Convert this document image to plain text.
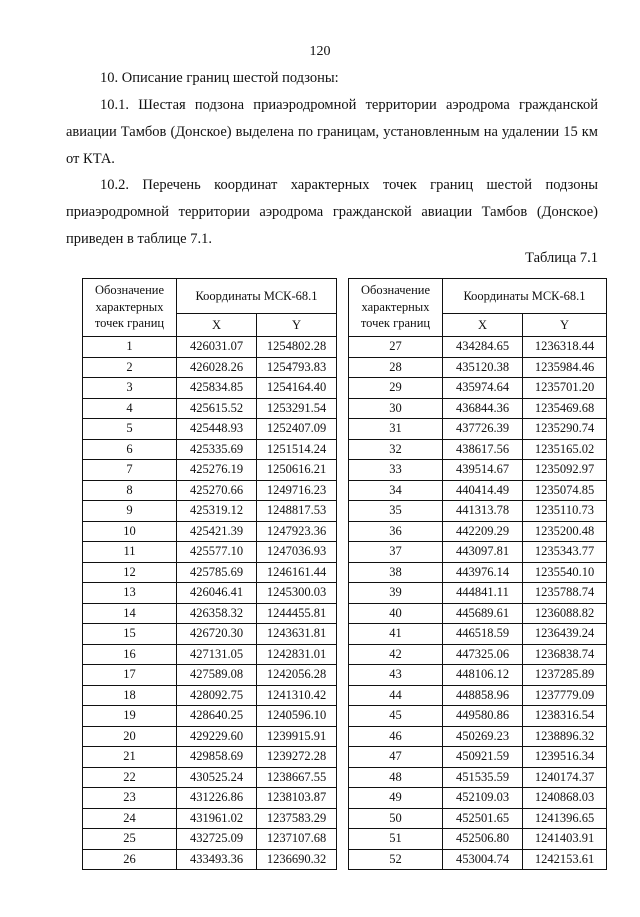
120
10. Описание границ шестой подзоны:
10.1. Шестая подзона приаэродромной территории аэродрома гражданской авиации Тамбов (Донское) выделена по границам, установленным на удалении 15 км от КТА.
10.2. Перечень координат характерных точек границ шестой подзоны приаэродромной территории аэродрома гражданской авиации Тамбов (Донское) приведен в таблице 7.1.
Таблица 7.1
Обозначение характерных точек границ	Координаты МСК-68.1	
	X	Y
1	426031.07	1254802.28
2	426028.26	1254793.83
3	425834.85	1254164.40
4	425615.52	1253291.54
5	425448.93	1252407.09
6	425335.69	1251514.24
7	425276.19	1250616.21
8	425270.66	1249716.23
9	425319.12	1248817.53
10	425421.39	1247923.36
11	425577.10	1247036.93
12	425785.69	1246161.44
13	426046.41	1245300.03
14	426358.32	1244455.81
15	426720.30	1243631.81
16	427131.05	1242831.01
17	427589.08	1242056.28
18	428092.75	1241310.42
19	428640.25	1240596.10
20	429229.60	1239915.91
21	429858.69	1239272.28
22	430525.24	1238667.55
23	431226.86	1238103.87
24	431961.02	1237583.29
25	432725.09	1237107.68
26	433493.36	1236690.32
Обозначение характерных точек границ	Координаты МСК-68.1	
	X	Y
27	434284.65	1236318.44
28	435120.38	1235984.46
29	435974.64	1235701.20
30	436844.36	1235469.68
31	437726.39	1235290.74
32	438617.56	1235165.02
33	439514.67	1235092.97
34	440414.49	1235074.85
35	441313.78	1235110.73
36	442209.29	1235200.48
37	443097.81	1235343.77
38	443976.14	1235540.10
39	444841.11	1235788.74
40	445689.61	1236088.82
41	446518.59	1236439.24
42	447325.06	1236838.74
43	448106.12	1237285.89
44	448858.96	1237779.09
45	449580.86	1238316.54
46	450269.23	1238896.32
47	450921.59	1239516.34
48	451535.59	1240174.37
49	452109.03	1240868.03
50	452501.65	1241396.65
51	452506.80	1241403.91
52	453004.74	1242153.61
